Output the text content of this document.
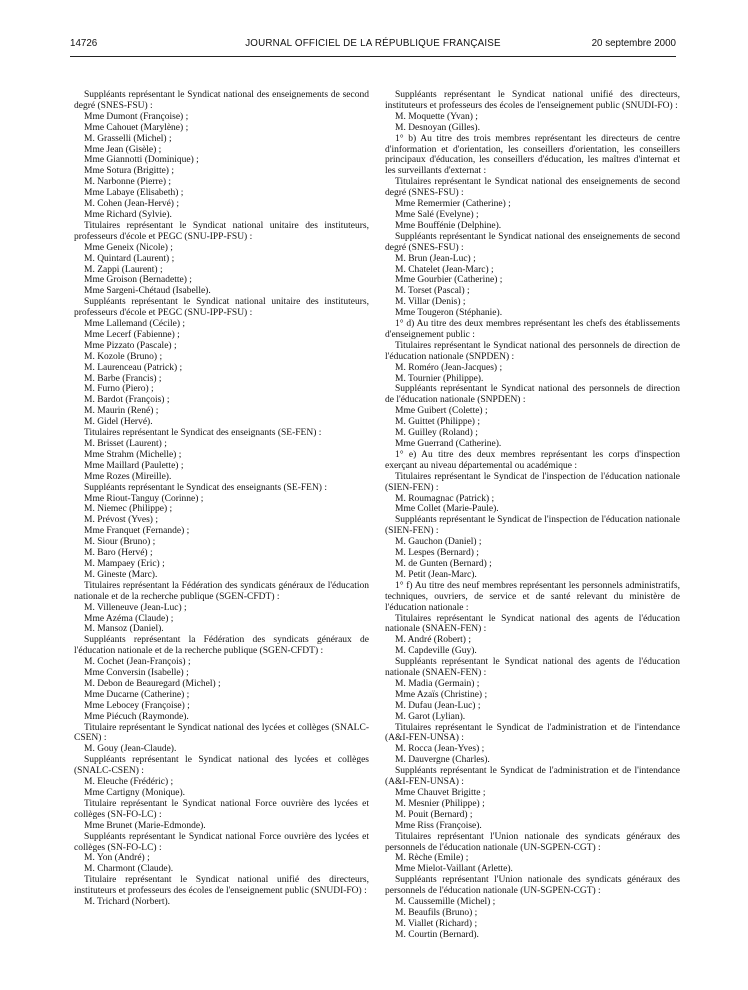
14726	JOURNAL OFFICIEL DE LA RÉPUBLIQUE FRANÇAISE	20 septembre 2000

Suppléants représentant le Syndicat national des enseignements de second degré (SNES-FSU) :

Mme Dumont (Françoise) ;

Mme Cahouet (Marylène) ;

M. Grasselli (Michel) ;

Mme Jean (Gisèle) ;

Mme Giannotti (Dominique) ;

Mme Sotura (Brigitte) ;

M. Narbonne (Pierre) ;

Mme Labaye (Elisabeth) ;

M. Cohen (Jean-Hervé) ;

Mme Richard (Sylvie).

Titulaires représentant le Syndicat national unitaire des instituteurs, professeurs d'école et PEGC (SNU-IPP-FSU) :

Mme Geneix (Nicole) ;

M. Quintard (Laurent) ;

M. Zappi (Laurent) ;

Mme Groison (Bernadette) ;

Mme Sargeni-Chétaud (Isabelle).

Suppléants représentant le Syndicat national unitaire des instituteurs, professeurs d'école et PEGC (SNU-IPP-FSU) :

Mme Lallemand (Cécile) ;

Mme Lecerf (Fabienne) ;

Mme Pizzato (Pascale) ;

M. Kozole (Bruno) ;

M. Laurenceau (Patrick) ;

M. Barbe (Francis) ;

M. Furno (Piero) ;

M. Bardot (François) ;

M. Maurin (René) ;

M. Gidel (Hervé).

Titulaires représentant le Syndicat des enseignants (SE-FEN) :

M. Brisset (Laurent) ;

Mme Strahm (Michelle) ;

Mme Maillard (Paulette) ;

Mme Rozes (Mireille).

Suppléants représentant le Syndicat des enseignants (SE-FEN) :

Mme Riout-Tanguy (Corinne) ;

M. Niemec (Philippe) ;

M. Prévost (Yves) ;

Mme Franquet (Fernande) ;

M. Siour (Bruno) ;

M. Baro (Hervé) ;

M. Mampaey (Eric) ;

M. Gineste (Marc).

Titulaires représentant la Fédération des syndicats généraux de l'éducation nationale et de la recherche publique (SGEN-CFDT) :

M. Villeneuve (Jean-Luc) ;

Mme Azéma (Claude) ;

M. Mansoz (Daniel).

Suppléants représentant la Fédération des syndicats généraux de l'éducation nationale et de la recherche publique (SGEN-CFDT) :

M. Cochet (Jean-François) ;

Mme Conversin (Isabelle) ;

M. Debon de Beauregard (Michel) ;

Mme Ducarne (Catherine) ;

Mme Lebocey (Françoise) ;

Mme Piécuch (Raymonde).

Titulaire représentant le Syndicat national des lycées et collèges (SNALC-CSEN) :

M. Gouy (Jean-Claude).

Suppléants représentant le Syndicat national des lycées et collèges (SNALC-CSEN) :

M. Eleuche (Frédéric) ;

Mme Cartigny (Monique).

Titulaire représentant le Syndicat national Force ouvrière des lycées et collèges (SN-FO-LC) :

Mme Brunet (Marie-Edmonde).

Suppléants représentant le Syndicat national Force ouvrière des lycées et collèges (SN-FO-LC) :

M. Yon (André) ;

M. Charmont (Claude).

Titulaire représentant le Syndicat national unifié des directeurs, instituteurs et professeurs des écoles de l'enseignement public (SNUDI-FO) :

M. Trichard (Norbert).

Suppléants représentant le Syndicat national unifié des directeurs, instituteurs et professeurs des écoles de l'enseignement public (SNUDI-FO) :

M. Moquette (Yvan) ;

M. Desnoyan (Gilles).

1° b) Au titre des trois membres représentant les directeurs de centre d'information et d'orientation, les conseillers d'orientation, les conseillers principaux d'éducation, les conseillers d'éducation, les maîtres d'internat et les surveillants d'externat :

Titulaires représentant le Syndicat national des enseignements de second degré (SNES-FSU) :

Mme Remermier (Catherine) ;

Mme Salé (Evelyne) ;

Mme Bouffénie (Delphine).

Suppléants représentant le Syndicat national des enseignements de second degré (SNES-FSU) :

M. Brun (Jean-Luc) ;

M. Chatelet (Jean-Marc) ;

Mme Gourbier (Catherine) ;

M. Torset (Pascal) ;

M. Villar (Denis) ;

Mme Tougeron (Stéphanie).

1° d) Au titre des deux membres représentant les chefs des établissements d'enseignement public :

Titulaires représentant le Syndicat national des personnels de direction de l'éducation nationale (SNPDEN) :

M. Roméro (Jean-Jacques) ;

M. Tournier (Philippe).

Suppléants représentant le Syndicat national des personnels de direction de l'éducation nationale (SNPDEN) :

Mme Guibert (Colette) ;

M. Guittet (Philippe) ;

M. Guilley (Roland) ;

Mme Guerrand (Catherine).

1° e) Au titre des deux membres représentant les corps d'inspection exerçant au niveau départemental ou académique :

Titulaires représentant le Syndicat de l'inspection de l'éducation nationale (SIEN-FEN) :

M. Roumagnac (Patrick) ;

Mme Collet (Marie-Paule).

Suppléants représentant le Syndicat de l'inspection de l'éducation nationale (SIEN-FEN) :

M. Gauchon (Daniel) ;

M. Lespes (Bernard) ;

M. de Gunten (Bernard) ;

M. Petit (Jean-Marc).

1° f) Au titre des neuf membres représentant les personnels administratifs, techniques, ouvriers, de service et de santé relevant du ministère de l'éducation nationale :

Titulaires représentant le Syndicat national des agents de l'éducation nationale (SNAEN-FEN) :

M. André (Robert) ;

M. Capdeville (Guy).

Suppléants représentant le Syndicat national des agents de l'éducation nationale (SNAEN-FEN) :

M. Madia (Germain) ;

Mme Azaïs (Christine) ;

M. Dufau (Jean-Luc) ;

M. Garot (Lylian).

Titulaires représentant le Syndicat de l'administration et de l'intendance (A&I-FEN-UNSA) :

M. Rocca (Jean-Yves) ;

M. Dauvergne (Charles).

Suppléants représentant le Syndicat de l'administration et de l'intendance (A&I-FEN-UNSA) :

Mme Chauvet Brigitte ;

M. Mesnier (Philippe) ;

M. Pouit (Bernard) ;

Mme Riss (Françoise).

Titulaires représentant l'Union nationale des syndicats généraux des personnels de l'éducation nationale (UN-SGPEN-CGT) :

M. Rèche (Emile) ;

Mme Mielot-Vaillant (Arlette).

Suppléants représentant l'Union nationale des syndicats généraux des personnels de l'éducation nationale (UN-SGPEN-CGT) :

M. Caussemille (Michel) ;

M. Beaufils (Bruno) ;

M. Viallet (Richard) ;

M. Courtin (Bernard).
